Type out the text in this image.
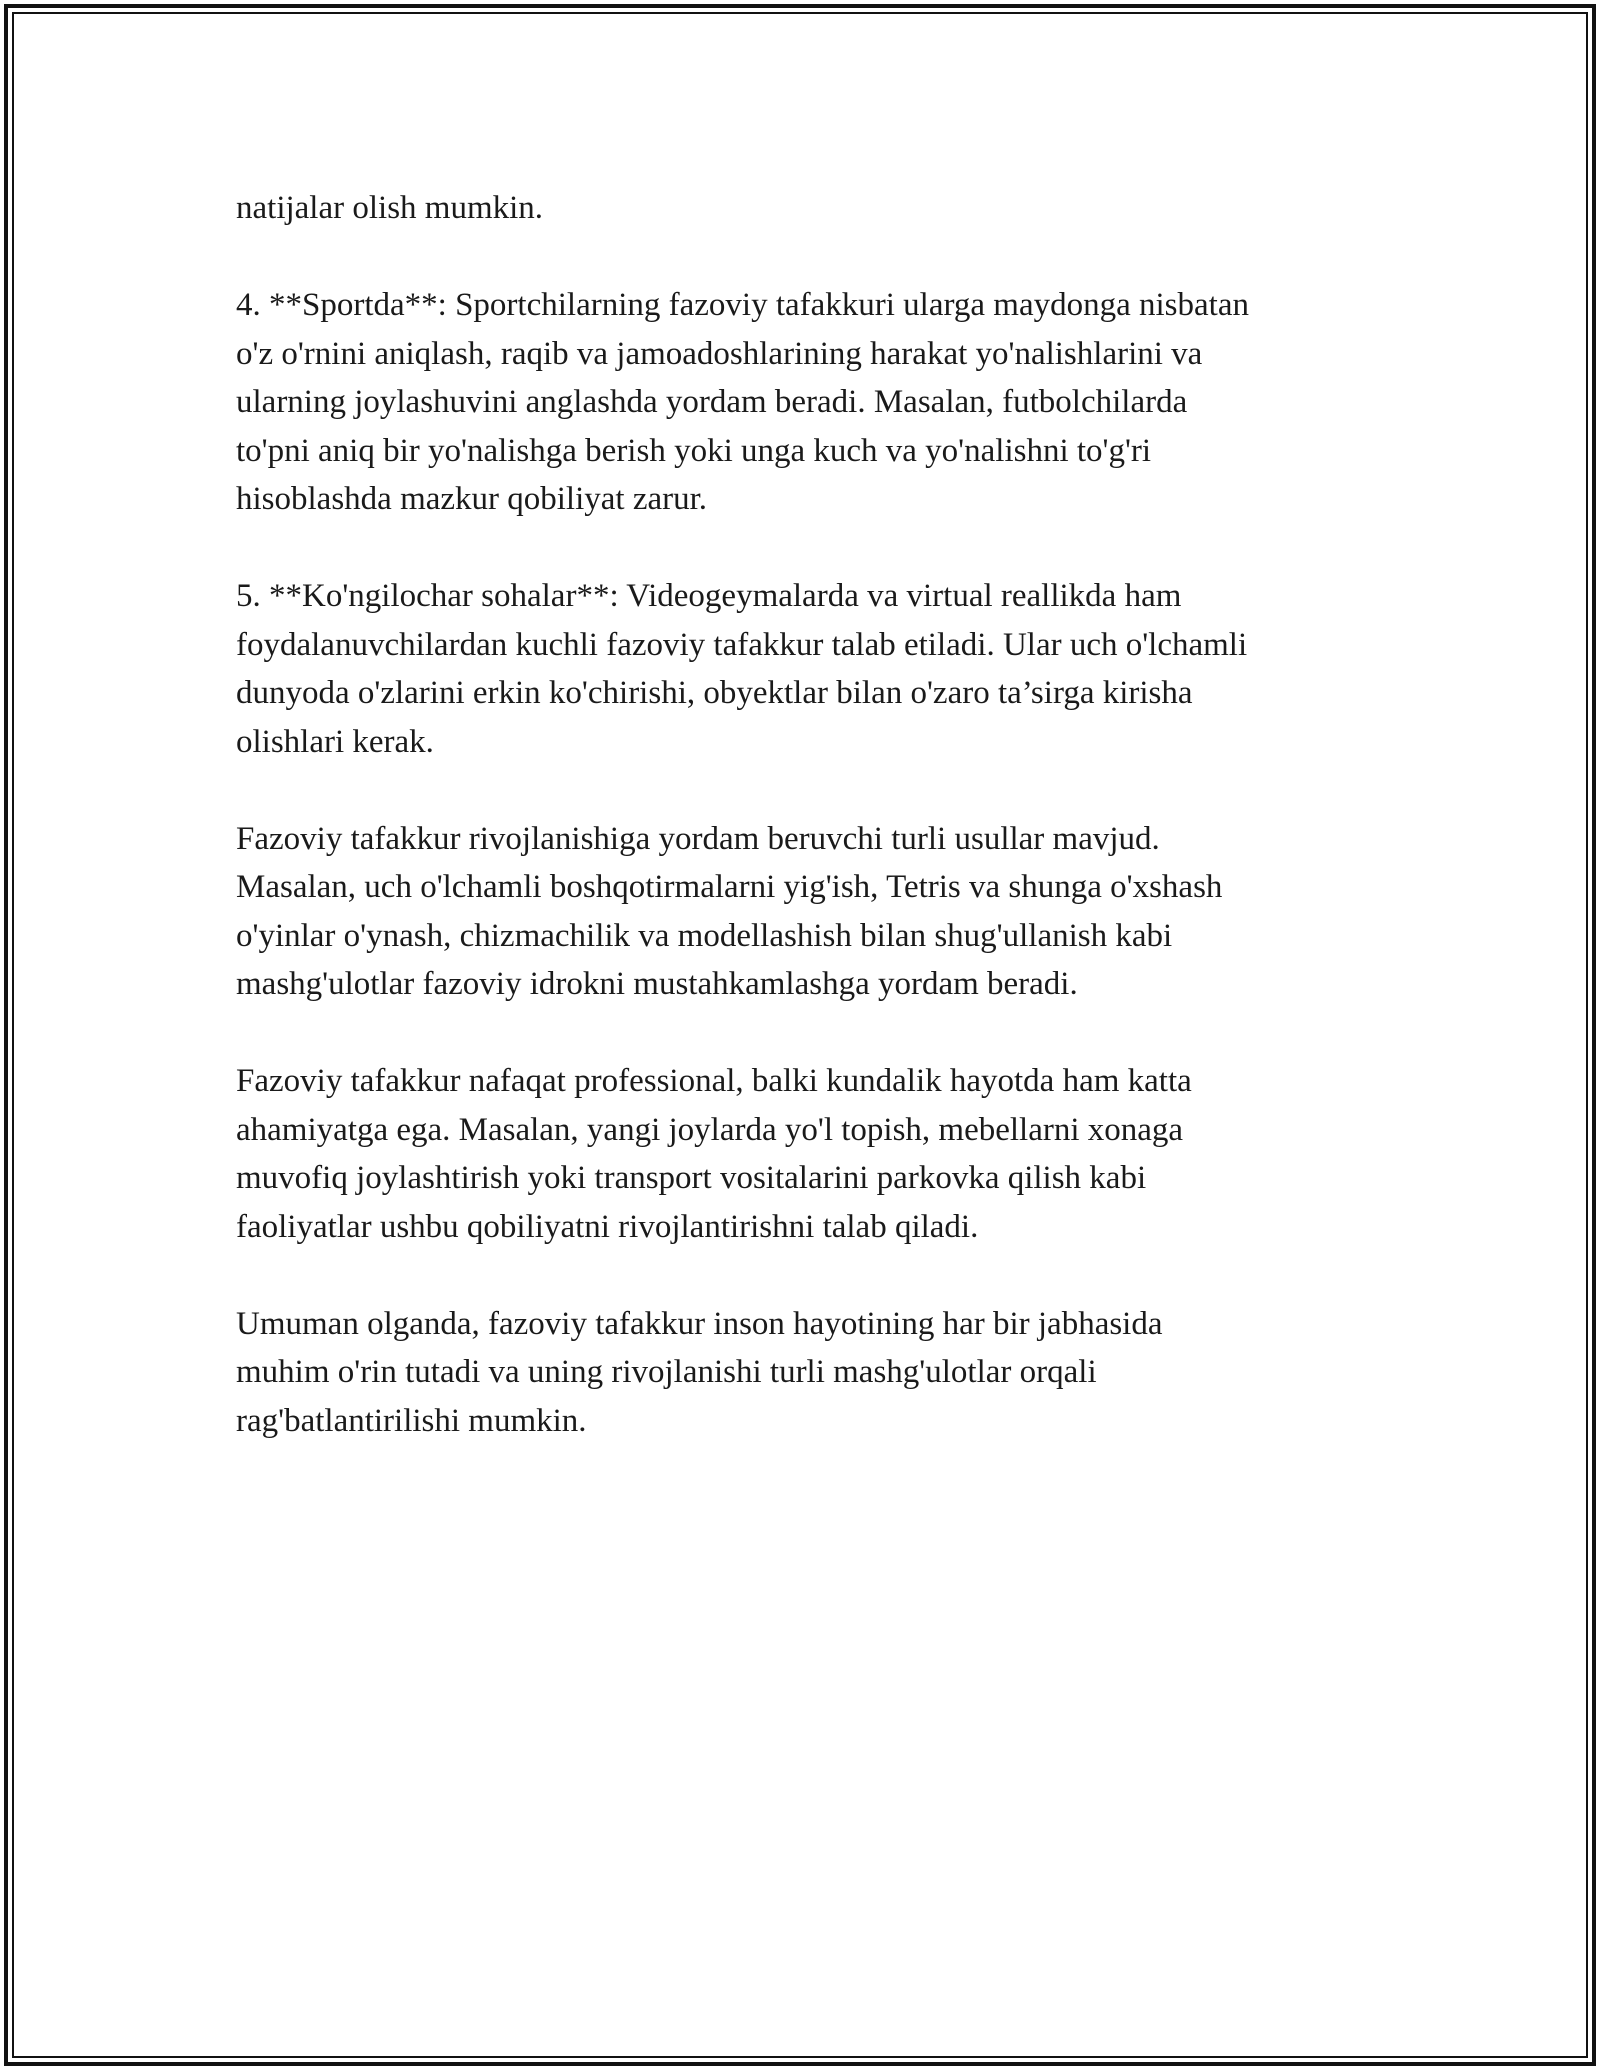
natijalar olish mumkin.

4. **Sportda**: Sportchilarning fazoviy tafakkuri ularga maydonga nisbatan
o'z o'rnini aniqlash, raqib va jamoadoshlarining harakat yo'nalishlarini va
ularning joylashuvini anglashda yordam beradi. Masalan, futbolchilarda
to'pni aniq bir yo'nalishga berish yoki unga kuch va yo'nalishni to'g'ri
hisoblashda mazkur qobiliyat zarur.

5. **Ko'ngilochar sohalar**: Videogeymalarda va virtual reallikda ham
foydalanuvchilardan kuchli fazoviy tafakkur talab etiladi. Ular uch o'lchamli
dunyoda o'zlarini erkin ko'chirishi, obyektlar bilan o'zaro ta’sirga kirisha
olishlari kerak.

Fazoviy tafakkur rivojlanishiga yordam beruvchi turli usullar mavjud.
Masalan, uch o'lchamli boshqotirmalarni yig'ish, Tetris va shunga o'xshash
o'yinlar o'ynash, chizmachilik va modellashish bilan shug'ullanish kabi
mashg'ulotlar fazoviy idrokni mustahkamlashga yordam beradi.

Fazoviy tafakkur nafaqat professional, balki kundalik hayotda ham katta
ahamiyatga ega. Masalan, yangi joylarda yo'l topish, mebellarni xonaga
muvofiq joylashtirish yoki transport vositalarini parkovka qilish kabi
faoliyatlar ushbu qobiliyatni rivojlantirishni talab qiladi.

Umuman olganda, fazoviy tafakkur inson hayotining har bir jabhasida
muhim o'rin tutadi va uning rivojlanishi turli mashg'ulotlar orqali
rag'batlantirilishi mumkin.
